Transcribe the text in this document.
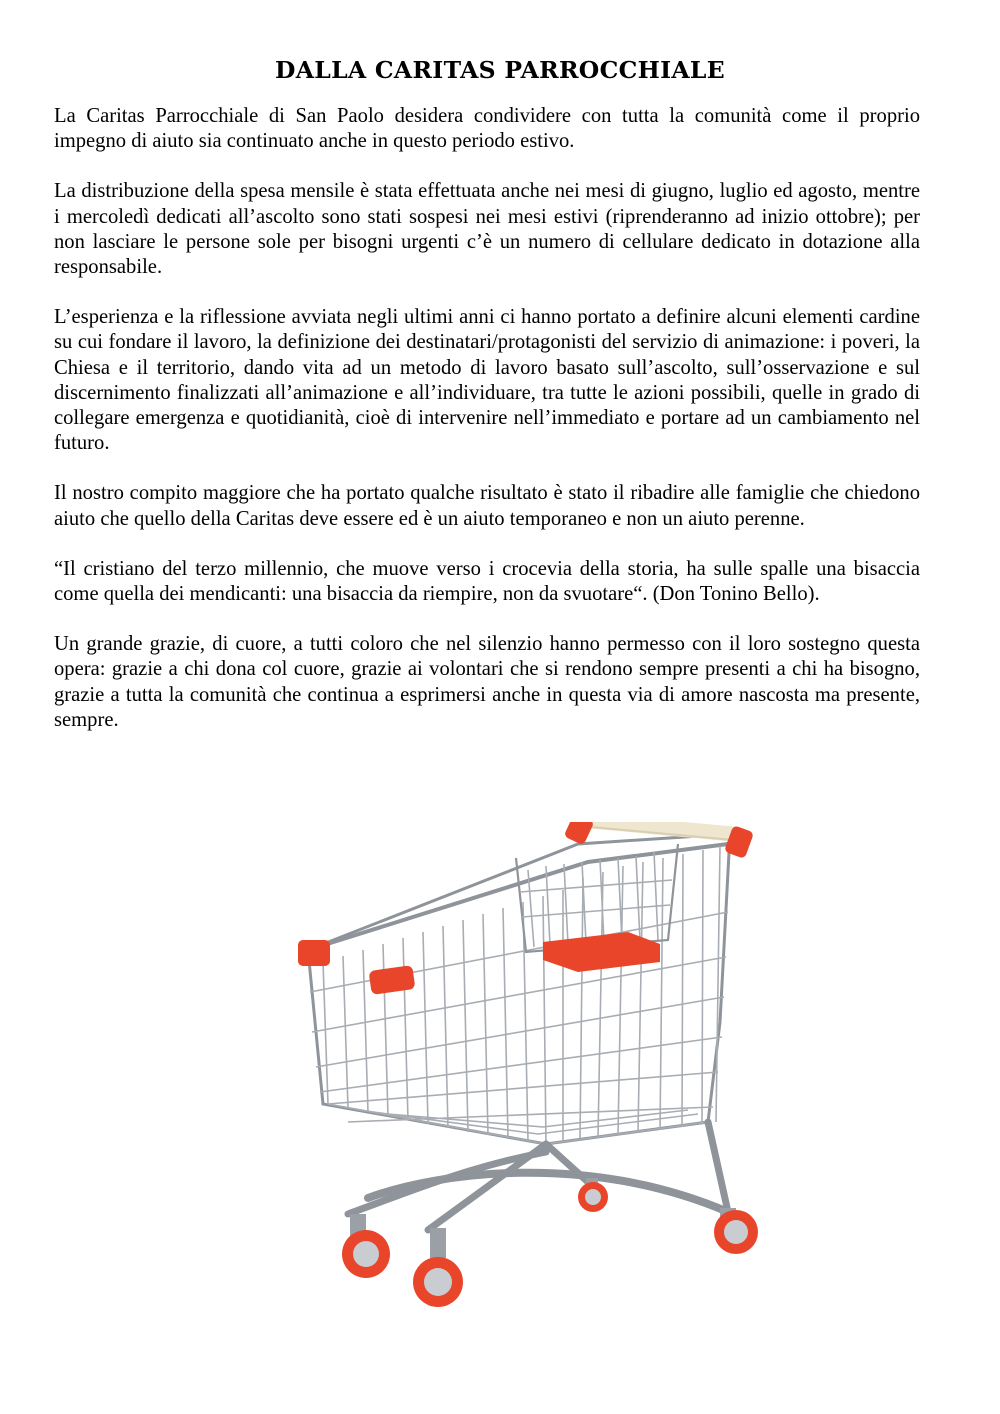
DALLA CARITAS PARROCCHIALE

La Caritas Parrocchiale di San Paolo desidera condividere con tutta la comunità come il proprio impegno di aiuto sia continuato anche in questo periodo estivo.

La distribuzione della spesa mensile è stata effettuata anche nei mesi di giugno, luglio ed agosto, mentre i mercoledì dedicati all’ascolto sono stati sospesi nei mesi estivi (riprenderanno ad inizio ottobre); per non lasciare le persone sole per bisogni urgenti c’è un numero di cellulare dedicato in dotazione alla responsabile.

L’esperienza e la riflessione avviata negli ultimi anni ci hanno portato a definire alcuni elementi cardine su cui fondare il lavoro, la definizione dei destinatari/protagonisti del servizio di animazione: i poveri, la Chiesa e il territorio, dando vita ad un metodo di lavoro basato sull’ascolto, sull’osservazione e sul discernimento finalizzati all’animazione e all’individuare, tra tutte le azioni possibili, quelle in grado di collegare emergenza e quotidianità, cioè di intervenire nell’immediato e portare ad un cambiamento nel futuro.

Il nostro compito maggiore che ha portato qualche risultato è stato il ribadire alle famiglie che chiedono aiuto che quello della Caritas deve essere ed è un aiuto temporaneo e non un aiuto perenne.

“Il cristiano del terzo millennio, che muove verso i crocevia della storia, ha sulle spalle una bisaccia come quella dei mendicanti: una bisaccia da riempire, non da svuotare“. (Don Tonino Bello).

Un grande grazie, di cuore, a tutti coloro che nel silenzio hanno permesso con il loro sostegno questa opera: grazie a chi dona col cuore, grazie ai volontari che si rendono sempre presenti a chi ha bisogno, grazie a tutta la comunità che continua a esprimersi anche in questa via di amore nascosta ma presente, sempre.
